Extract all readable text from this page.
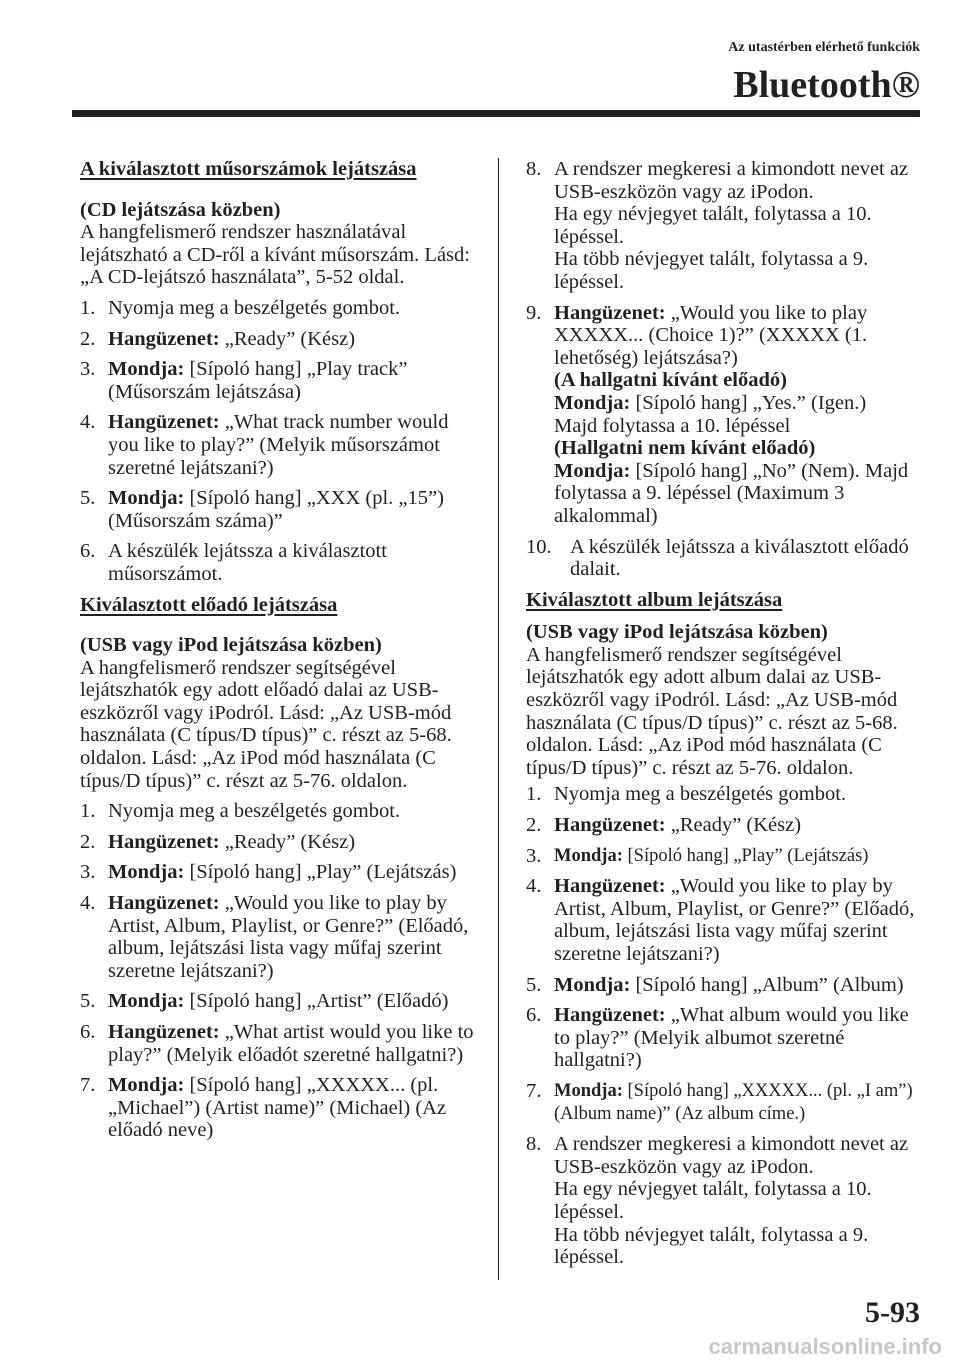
Az utastérben elérhető funkciók
Bluetooth®
A kiválasztott műsorszámok lejátszása
(CD lejátszása közben)
A hangfelismerő rendszer használatával lejátszható a CD-ről a kívánt műsorszám. Lásd: „A CD-lejátszó használata”, 5-52 oldal.
1. Nyomja meg a beszélgetés gombot.
2. Hangüzenet: „Ready” (Kész)
3. Mondja: [Sípoló hang] „Play track” (Műsorszám lejátszása)
4. Hangüzenet: „What track number would you like to play?” (Melyik műsorszámot szeretné lejátszani?)
5. Mondja: [Sípoló hang] „XXX (pl. „15”) (Műsorszám száma)”
6. A készülék lejátssza a kiválasztott műsorszámot.
Kiválasztott előadó lejátszása
(USB vagy iPod lejátszása közben)
A hangfelismerő rendszer segítségével lejátszhatók egy adott előadó dalai az USB-eszközről vagy iPodról. Lásd: „Az USB-mód használata (C típus/D típus)” c. részt az 5-68. oldalon. Lásd: „Az iPod mód használata (C típus/D típus)” c. részt az 5-76. oldalon.
1. Nyomja meg a beszélgetés gombot.
2. Hangüzenet: „Ready” (Kész)
3. Mondja: [Sípoló hang] „Play” (Lejátszás)
4. Hangüzenet: „Would you like to play by Artist, Album, Playlist, or Genre?” (Előadó, album, lejátszási lista vagy műfaj szerint szeretne lejátszani?)
5. Mondja: [Sípoló hang] „Artist” (Előadó)
6. Hangüzenet: „What artist would you like to play?” (Melyik előadót szeretné hallgatni?)
7. Mondja: [Sípoló hang] „XXXXX... (pl. „Michael”) (Artist name)” (Michael) (Az előadó neve)
8. A rendszer megkeresi a kimondott nevet az USB-eszközön vagy az iPodon.
Ha egy névjegyet talált, folytassa a 10. lépéssel.
Ha több névjegyet talált, folytassa a 9. lépéssel.
9. Hangüzenet: „Would you like to play XXXXX... (Choice 1)?” (XXXXX (1. lehetőség) lejátszása?)
(A hallgatni kívánt előadó)
Mondja: [Sípoló hang] „Yes.” (Igen.)
Majd folytassa a 10. lépéssel
(Hallgatni nem kívánt előadó)
Mondja: [Sípoló hang] „No” (Nem). Majd folytassa a 9. lépéssel (Maximum 3 alkalommal)
10. A készülék lejátssza a kiválasztott előadó dalait.
Kiválasztott album lejátszása
(USB vagy iPod lejátszása közben)
A hangfelismerő rendszer segítségével lejátszhatók egy adott album dalai az USB-eszközről vagy iPodról. Lásd: „Az USB-mód használata (C típus/D típus)” c. részt az 5-68. oldalon. Lásd: „Az iPod mód használata (C típus/D típus)” c. részt az 5-76. oldalon.
1. Nyomja meg a beszélgetés gombot.
2. Hangüzenet: „Ready” (Kész)
3. Mondja: [Sípoló hang] „Play” (Lejátszás)
4. Hangüzenet: „Would you like to play by Artist, Album, Playlist, or Genre?” (Előadó, album, lejátszási lista vagy műfaj szerint szeretne lejátszani?)
5. Mondja: [Sípoló hang] „Album” (Album)
6. Hangüzenet: „What album would you like to play?” (Melyik albumot szeretné hallgatni?)
7. Mondja: [Sípoló hang] „XXXXX... (pl. „I am”) (Album name)” (Az album címe.)
8. A rendszer megkeresi a kimondott nevet az USB-eszközön vagy az iPodon.
Ha egy névjegyet talált, folytassa a 10. lépéssel.
Ha több névjegyet talált, folytassa a 9. lépéssel.
5-93
carmanualsonline.info
